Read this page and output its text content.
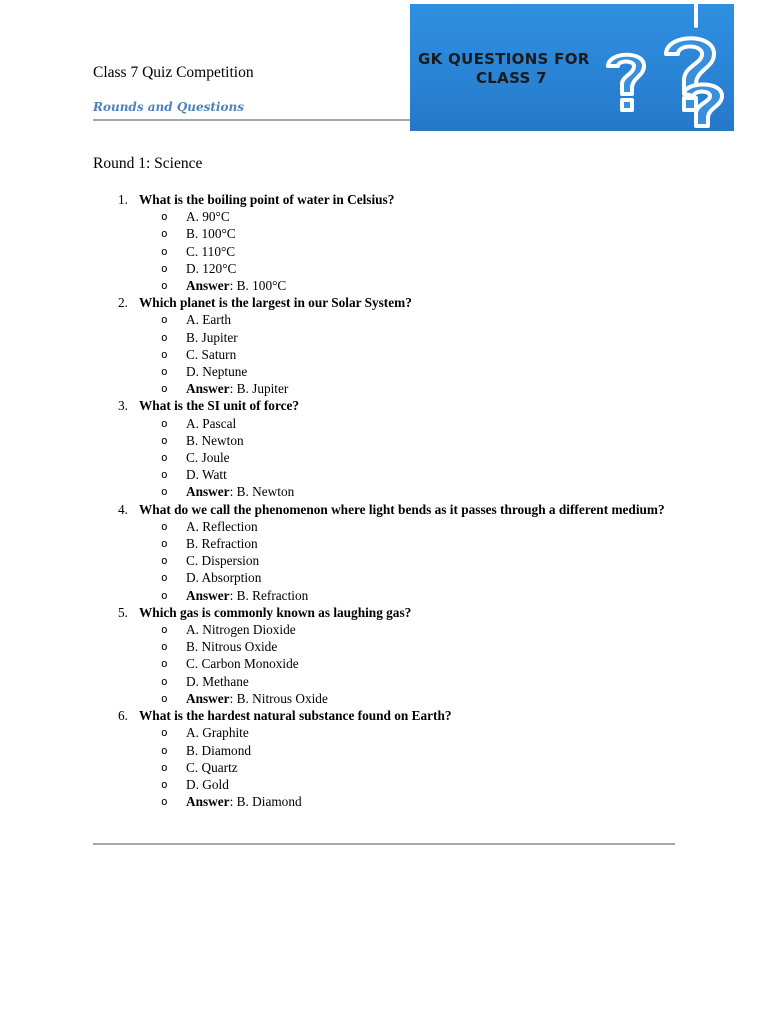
Class 7 Quiz Competition
Rounds and Questions
GK QUESTIONS FOR
CLASS 7
Round 1: Science
1. What is the boiling point of water in Celsius?
o A. 90°C
o B. 100°C
o C. 110°C
o D. 120°C
o Answer: B. 100°C
2. Which planet is the largest in our Solar System?
o A. Earth
o B. Jupiter
o C. Saturn
o D. Neptune
o Answer: B. Jupiter
3. What is the SI unit of force?
o A. Pascal
o B. Newton
o C. Joule
o D. Watt
o Answer: B. Newton
4. What do we call the phenomenon where light bends as it passes through a different medium?
o A. Reflection
o B. Refraction
o C. Dispersion
o D. Absorption
o Answer: B. Refraction
5. Which gas is commonly known as laughing gas?
o A. Nitrogen Dioxide
o B. Nitrous Oxide
o C. Carbon Monoxide
o D. Methane
o Answer: B. Nitrous Oxide
6. What is the hardest natural substance found on Earth?
o A. Graphite
o B. Diamond
o C. Quartz
o D. Gold
o Answer: B. Diamond
